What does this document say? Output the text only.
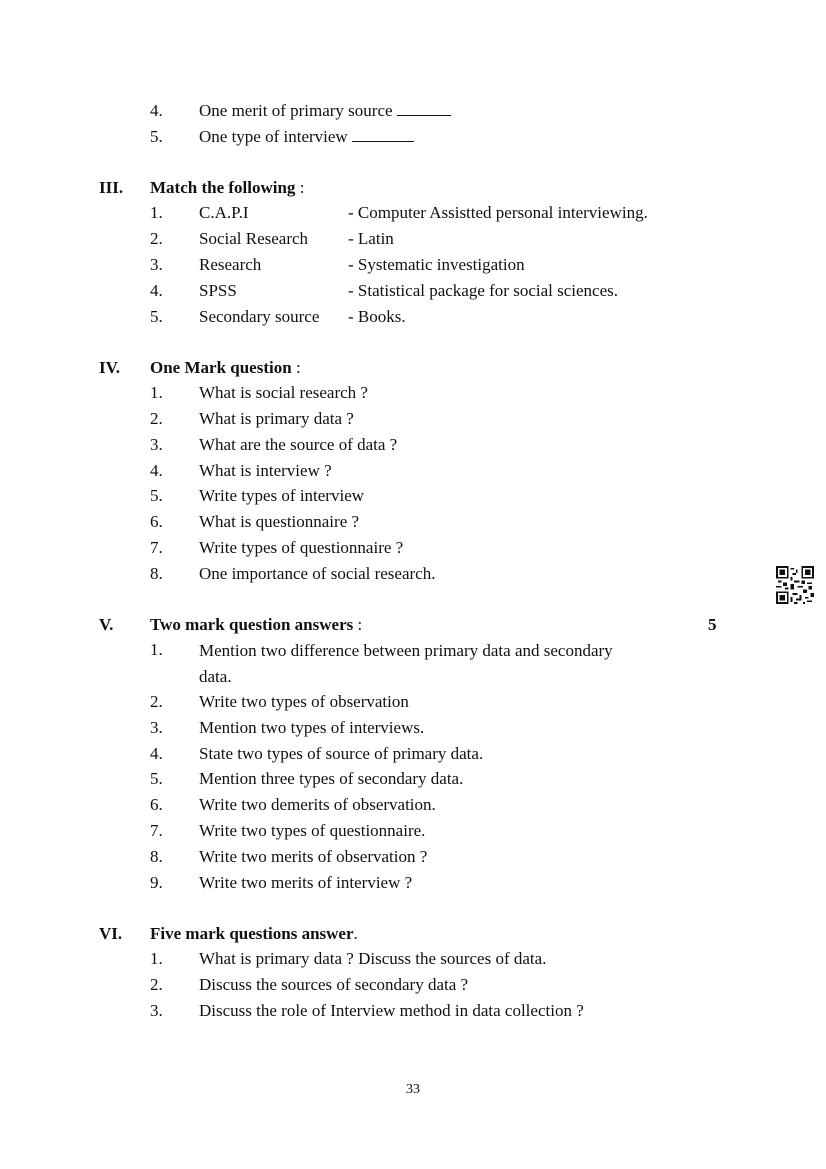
4. One merit of primary source
5. One type of interview
III. Match the following :
1. C.A.P.I	- Computer Assistted personal interviewing.
2. Social Research - Latin
3. Research	- Systematic investigation
4. SPSS	- Statistical package for social sciences.
5. Secondary source - Books.
IV. One Mark question :
1. What is social research ?
2. What is primary data ?
3. What are the source of data ?
4. What is interview ?
5. Write types of interview
6. What is questionnaire ?
7. Write types of questionnaire ?
8. One importance of social research.
V. Two mark question answers :	5
1. Mention two difference between primary data and secondary data.
2. Write two types of observation
3. Mention two types of interviews.
4. State two types of source of primary data.
5. Mention three types of secondary data.
6. Write two demerits of observation.
7. Write two types of questionnaire.
8. Write two merits of observation ?
9. Write two merits of interview ?
VI. Five mark questions answer.
1. What is primary data ? Discuss the sources of data.
2. Discuss the sources of secondary data ?
3. Discuss the role of Interview method in data collection ?
33
